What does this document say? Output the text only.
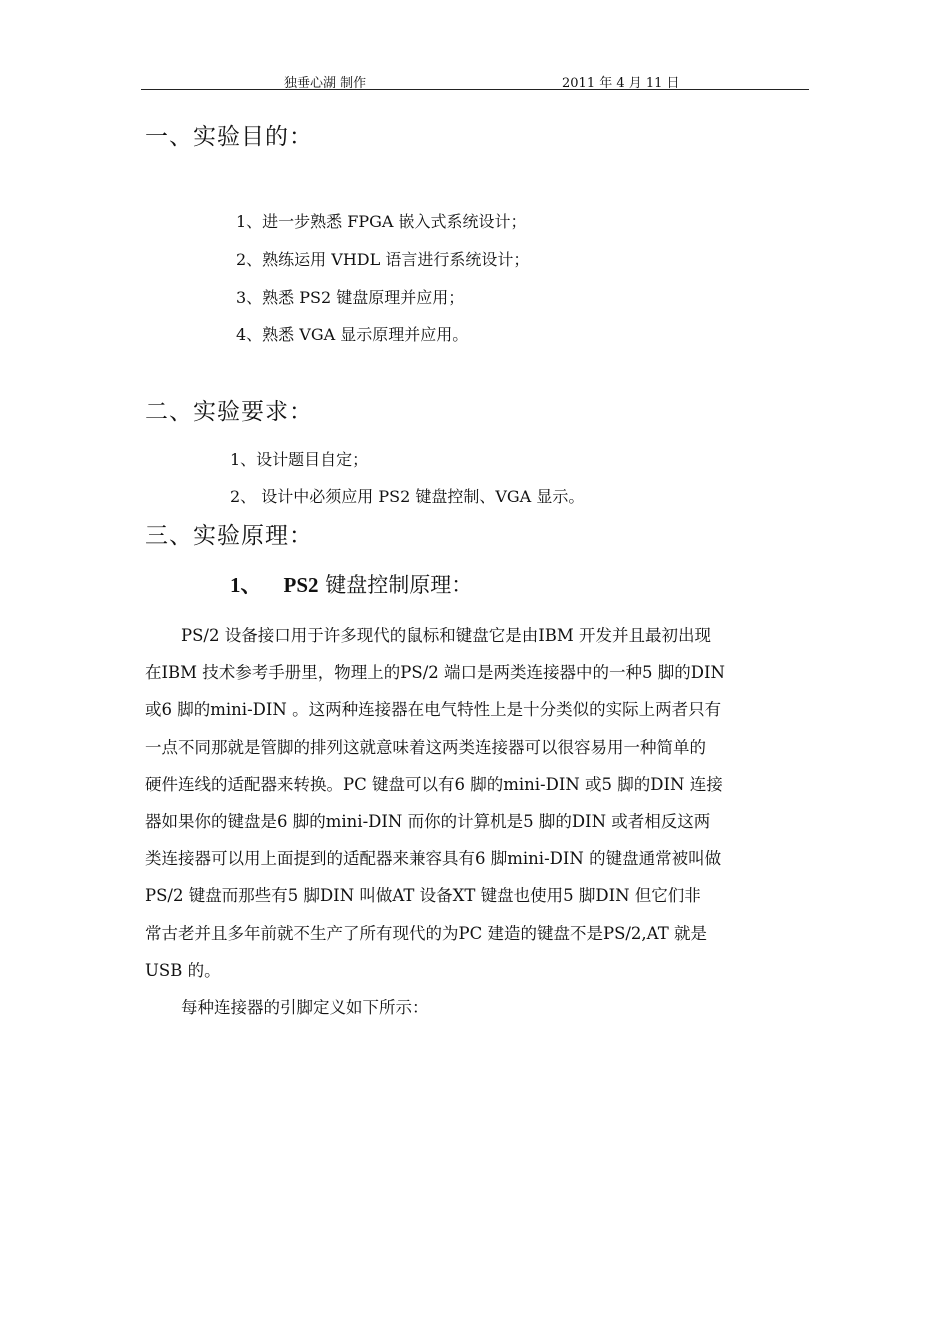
独垂心湖 制作	2011 年 4 月 11 日
一、实验目的：
1、进一步熟悉 FPGA 嵌入式系统设计；
2、熟练运用 VHDL 语言进行系统设计；
3、熟悉 PS2 键盘原理并应用；
4、熟悉 VGA 显示原理并应用。
二、实验要求：
1、设计题目自定；
2、 设计中必须应用 PS2 键盘控制、VGA 显示。
三、实验原理：
1、 PS2 键盘控制原理：
PS/2 设备接口用于许多现代的鼠标和键盘它是由IBM 开发并且最初出现
在IBM 技术参考手册里，物理上的PS/2 端口是两类连接器中的一种5 脚的DIN
或6 脚的mini-DIN 。这两种连接器在电气特性上是十分类似的实际上两者只有
一点不同那就是管脚的排列这就意味着这两类连接器可以很容易用一种简单的
硬件连线的适配器来转换。PC 键盘可以有6 脚的mini-DIN 或5 脚的DIN 连接
器如果你的键盘是6 脚的mini-DIN 而你的计算机是5 脚的DIN 或者相反这两
类连接器可以用上面提到的适配器来兼容具有6 脚mini-DIN 的键盘通常被叫做
PS/2 键盘而那些有5 脚DIN 叫做AT 设备XT 键盘也使用5 脚DIN 但它们非
常古老并且多年前就不生产了所有现代的为PC 建造的键盘不是PS/2,AT 就是
USB 的。
每种连接器的引脚定义如下所示：
